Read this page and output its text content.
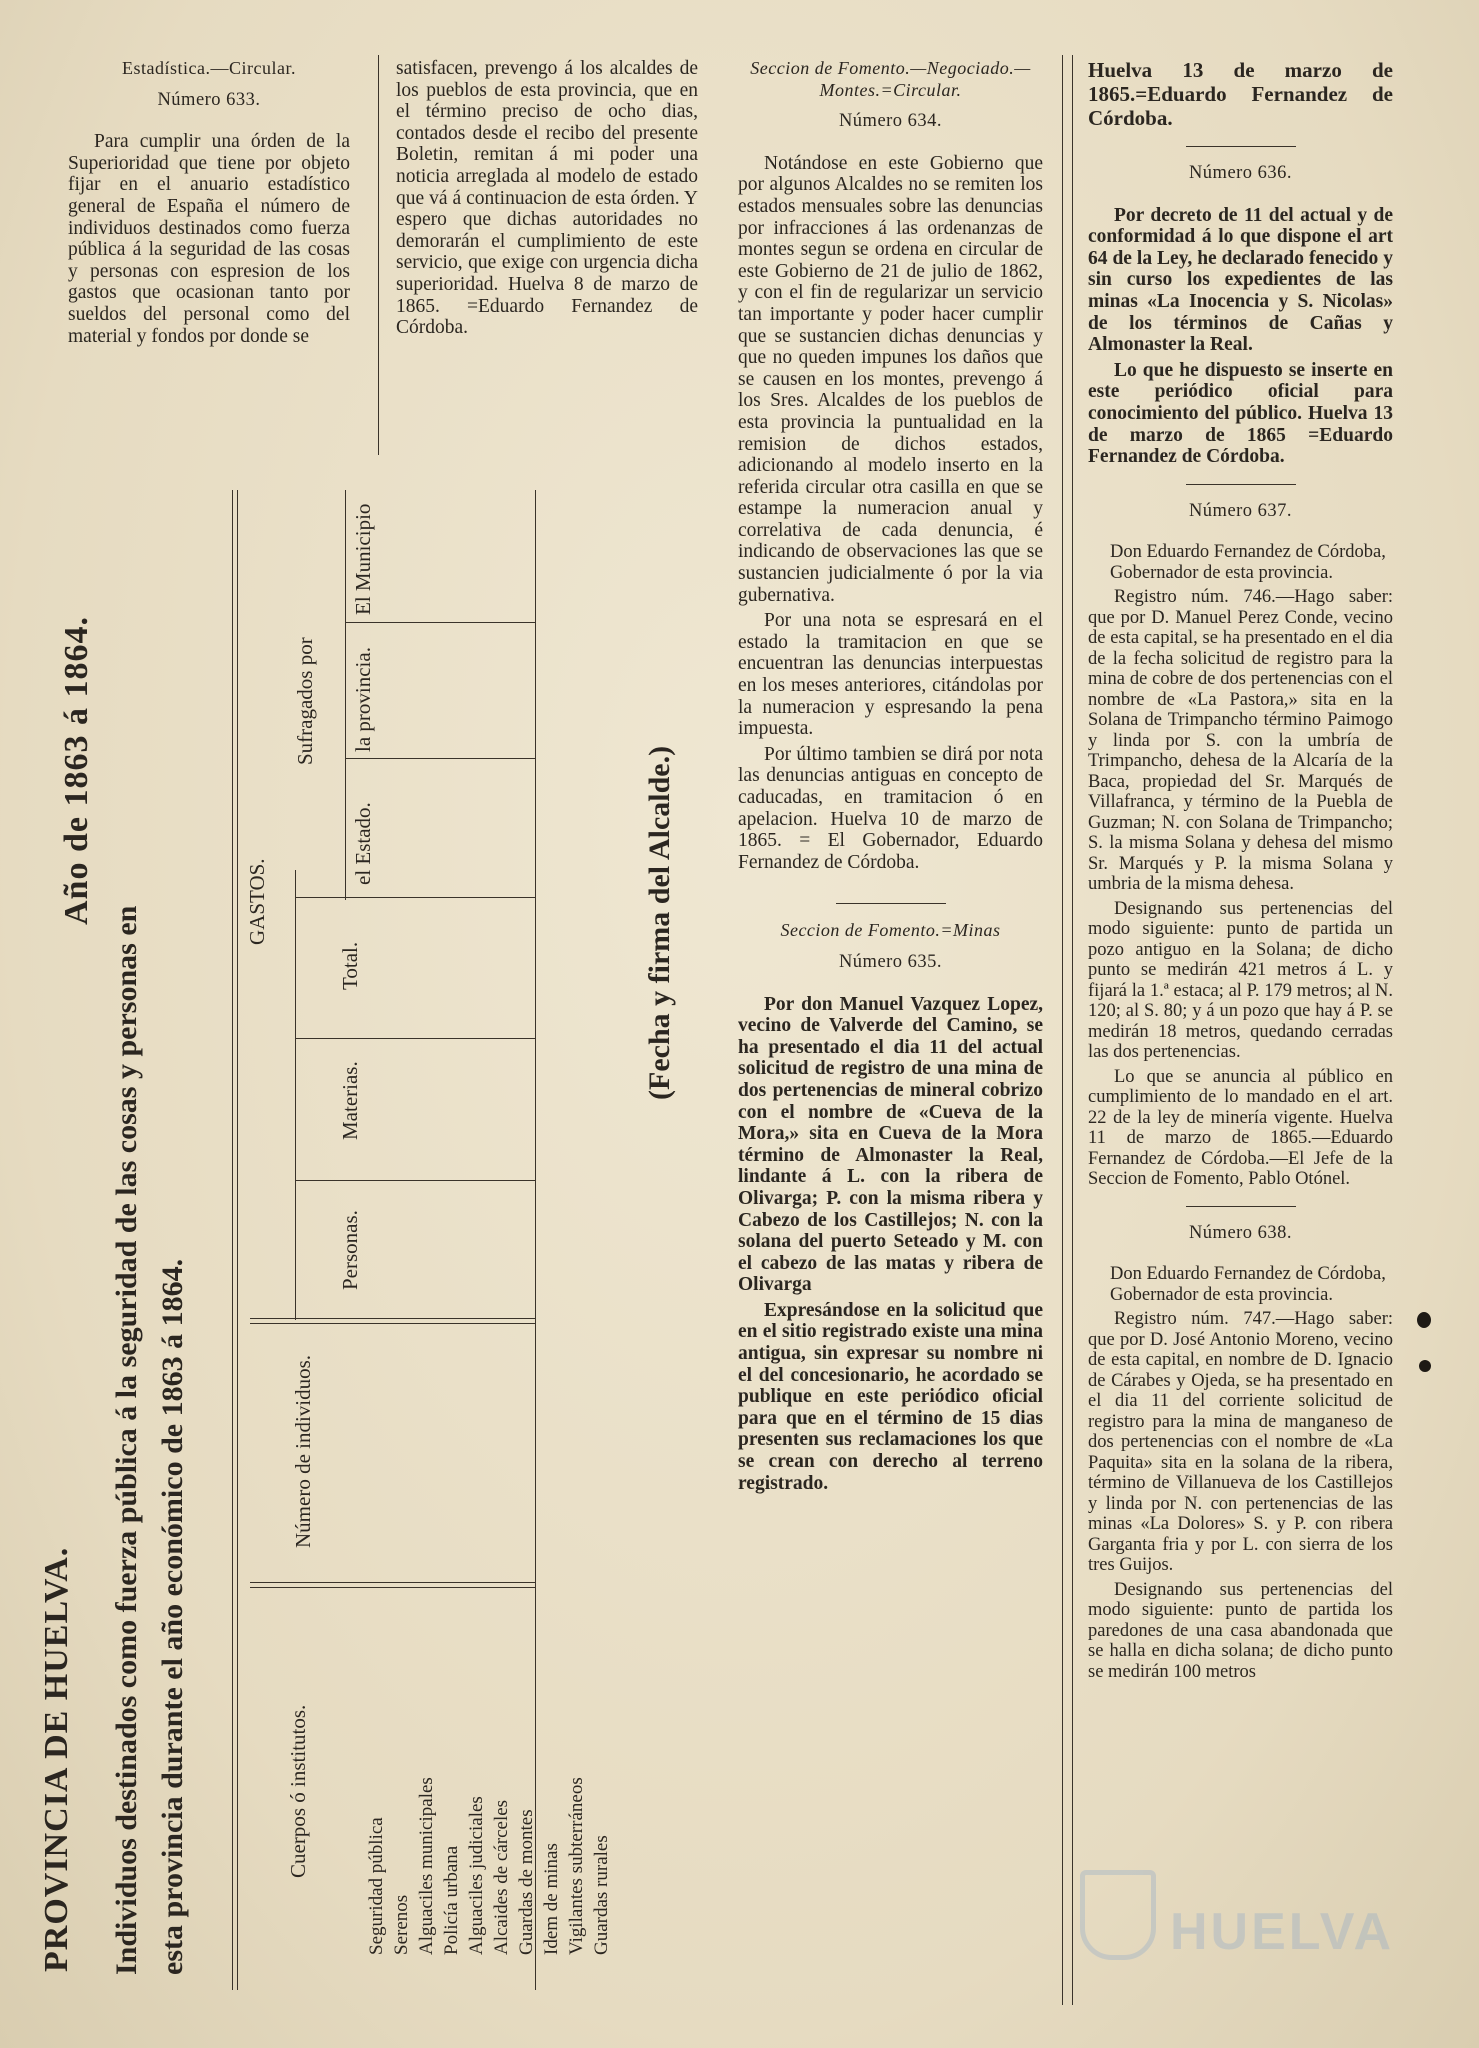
Estadística.—Circular.
Número 633.

Para cumplir una órden de la Superioridad que tiene por objeto fijar en el anuario estadístico general de España el número de individuos destinados como fuerza pública á la seguridad de las cosas y personas con espresion de los gastos que ocasionan tanto por sueldos del personal como del material y fondos por donde se

satisfacen, prevengo á los alcaldes de los pueblos de esta provincia, que en el término preciso de ocho dias, contados desde el recibo del presente Boletin, remitan á mi poder una noticia arreglada al modelo de estado que vá á continuacion de esta órden. Y espero que dichas autoridades no demorarán el cumplimiento de este servicio, que exige con urgencia dicha superioridad. Huelva 8 de marzo de 1865. =Eduardo Fernandez de Córdoba.

PROVINCIA DE HUELVA. Individuos destinados como fuerza pública á la seguridad de las cosas y personas en esta provincia durante el año económico de 1863 á 1864.
Año de 1863 á 1864.	(Fecha y firma del Alcalde.)
Cuerpos ó institutos.
Número de individuos.
GASTOS.
Personas.
Materias.
Total.
Sufragados por
el Estado.
la provincia.
El Municipio
Seguridad pública Serenos Alguaciles municipales Policía urbana Alguaciles judiciales Alcaides de cárceles Guardas de montes Idem de minas Vigilantes subterráneos Guardas rurales
Seccion de Fomento.—Negociado.— Montes.=Circular.
Número 634.

Notándose en este Gobierno que por algunos Alcaldes no se remiten los estados mensuales sobre las denuncias por infracciones á las ordenanzas de montes segun se ordena en circular de este Gobierno de 21 de julio de 1862, y con el fin de regularizar un servicio tan importante y poder hacer cumplir que se sustancien dichas denuncias y que no queden impunes los daños que se causen en los montes, prevengo á los Sres. Alcaldes de los pueblos de esta provincia la puntualidad en la remision de dichos estados, adicionando al modelo inserto en la referida circular otra casilla en que se estampe la numeracion anual y correlativa de cada denuncia, é indicando de observaciones las que se sustancien judicialmente ó por la via gubernativa.

Por una nota se espresará en el estado la tramitacion en que se encuentran las denuncias interpuestas en los meses anteriores, citándolas por la numeracion y espresando la pena impuesta.

Por último tambien se dirá por nota las denuncias antiguas en concepto de caducadas, en tramitacion ó en apelacion. Huelva 10 de marzo de 1865. = El Gobernador, Eduardo Fernandez de Córdoba.

Seccion de Fomento.=Minas
Número 635.

Por don Manuel Vazquez Lopez, vecino de Valverde del Camino, se ha presentado el dia 11 del actual solicitud de registro de una mina de dos pertenencias de mineral cobrizo con el nombre de «Cueva de la Mora,» sita en Cueva de la Mora término de Almonaster la Real, lindante á L. con la ribera de Olivarga; P. con la misma ribera y Cabezo de los Castillejos; N. con la solana del puerto Seteado y M. con el cabezo de las matas y ribera de Olivarga

Expresándose en la solicitud que en el sitio registrado existe una mina antigua, sin expresar su nombre ni el del concesionario, he acordado se publique en este periódico oficial para que en el término de 15 dias presenten sus reclamaciones los que se crean con derecho al terreno registrado.

Huelva 13 de marzo de 1865.=Eduardo Fernandez de Córdoba.

Número 636.

Por decreto de 11 del actual y de conformidad á lo que dispone el art 64 de la Ley, he declarado fenecido y sin curso los expedientes de las minas «La Inocencia y S. Nicolas» de los términos de Cañas y Almonaster la Real.

Lo que he dispuesto se inserte en este periódico oficial para conocimiento del público. Huelva 13 de marzo de 1865 =Eduardo Fernandez de Córdoba.

Número 637.

Don Eduardo Fernandez de Córdoba, Gobernador de esta provincia.

Registro núm. 746.—Hago saber: que por D. Manuel Perez Conde, vecino de esta capital, se ha presentado en el dia de la fecha solicitud de registro para la mina de cobre de dos pertenencias con el nombre de «La Pastora,» sita en la Solana de Trimpancho término Paimogo y linda por S. con la umbría de Trimpancho, dehesa de la Alcaría de la Baca, propiedad del Sr. Marqués de Villafranca, y término de la Puebla de Guzman; N. con Solana de Trimpancho; S. la misma Solana y dehesa del mismo Sr. Marqués y P. la misma Solana y umbria de la misma dehesa.

Designando sus pertenencias del modo siguiente: punto de partida un pozo antiguo en la Solana; de dicho punto se medirán 421 metros á L. y fijará la 1.ª estaca; al P. 179 metros; al N. 120; al S. 80; y á un pozo que hay á P. se medirán 18 metros, quedando cerradas las dos pertenencias.

Lo que se anuncia al público en cumplimiento de lo mandado en el art. 22 de la ley de minería vigente. Huelva 11 de marzo de 1865.—Eduardo Fernandez de Córdoba.—El Jefe de la Seccion de Fomento, Pablo Otónel.

Número 638.

Don Eduardo Fernandez de Córdoba, Gobernador de esta provincia.

Registro núm. 747.—Hago saber: que por D. José Antonio Moreno, vecino de esta capital, en nombre de D. Ignacio de Cárabes y Ojeda, se ha presentado en el dia 11 del corriente solicitud de registro para la mina de manganeso de dos pertenencias con el nombre de «La Paquita» sita en la solana de la ribera, término de Villanueva de los Castillejos y linda por N. con pertenencias de las minas «La Dolores» S. y P. con ribera Garganta fria y por L. con sierra de los tres Guijos.

Designando sus pertenencias del modo siguiente: punto de partida los paredones de una casa abandonada que se halla en dicha solana; de dicho punto se medirán 100 metros

HUELVA
